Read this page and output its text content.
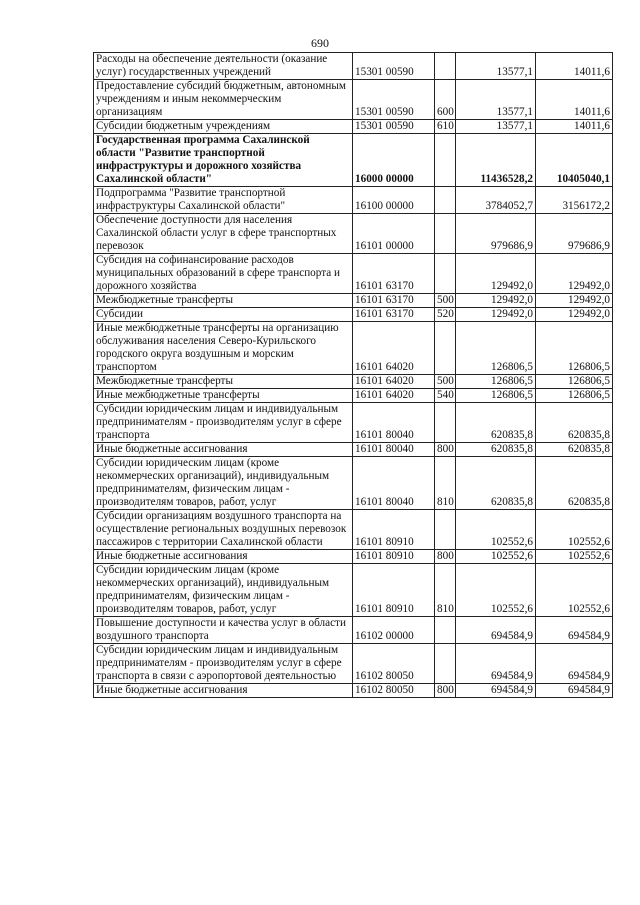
690
Расходы на обеспечение деятельности (оказание услуг) государственных учреждений	15301 00590		13577,1	14011,6
Предоставление субсидий бюджетным, автономным учреждениям и иным некоммерческим организациям	15301 00590	600	13577,1	14011,6
Субсидии бюджетным учреждениям	15301 00590	610	13577,1	14011,6
Государственная программа Сахалинской области "Развитие транспортной инфраструктуры и дорожного хозяйства Сахалинской области"	16000 00000		11436528,2	10405040,1
Подпрограмма "Развитие транспортной инфраструктуры Сахалинской области"	16100 00000		3784052,7	3156172,2
Обеспечение доступности для населения Сахалинской области услуг в сфере транспортных перевозок	16101 00000		979686,9	979686,9
Субсидия на софинансирование расходов муниципальных образований в сфере транспорта и дорожного хозяйства	16101 63170		129492,0	129492,0
Межбюджетные трансферты	16101 63170	500	129492,0	129492,0
Субсидии	16101 63170	520	129492,0	129492,0
Иные межбюджетные трансферты на организацию обслуживания населения Северо-Курильского городского округа воздушным и морским транспортом	16101 64020		126806,5	126806,5
Межбюджетные трансферты	16101 64020	500	126806,5	126806,5
Иные межбюджетные трансферты	16101 64020	540	126806,5	126806,5
Субсидии юридическим лицам и индивидуальным предпринимателям - производителям услуг в сфере транспорта	16101 80040		620835,8	620835,8
Иные бюджетные ассигнования	16101 80040	800	620835,8	620835,8
Субсидии юридическим лицам (кроме некоммерческих организаций), индивидуальным предпринимателям, физическим лицам - производителям товаров, работ, услуг	16101 80040	810	620835,8	620835,8
Субсидии организациям воздушного транспорта на осуществление региональных воздушных перевозок пассажиров с территории Сахалинской области	16101 80910		102552,6	102552,6
Иные бюджетные ассигнования	16101 80910	800	102552,6	102552,6
Субсидии юридическим лицам (кроме некоммерческих организаций), индивидуальным предпринимателям, физическим лицам - производителям товаров, работ, услуг	16101 80910	810	102552,6	102552,6
Повышение доступности и качества услуг в области воздушного транспорта	16102 00000		694584,9	694584,9
Субсидии юридическим лицам и индивидуальным предпринимателям - производителям услуг в сфере транспорта в связи с аэропортовой деятельностью	16102 80050		694584,9	694584,9
Иные бюджетные ассигнования	16102 80050	800	694584,9	694584,9
